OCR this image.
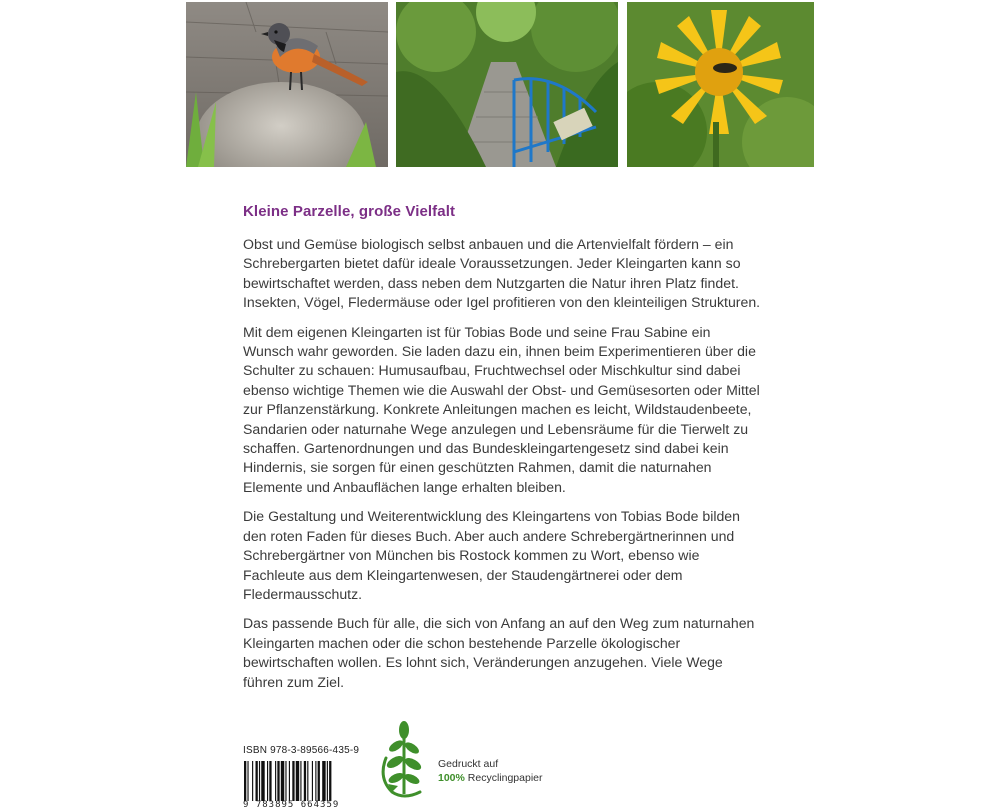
Kleine Parzelle, große Vielfalt

Obst und Gemüse biologisch selbst anbauen und die Artenvielfalt fördern – ein Schrebergarten bietet dafür ideale Voraussetzungen. Jeder Kleingarten kann so bewirtschaftet werden, dass neben dem Nutzgarten die Natur ihren Platz findet. Insekten, Vögel, Fledermäuse oder Igel profitieren von den kleinteiligen Strukturen.

Mit dem eigenen Kleingarten ist für Tobias Bode und seine Frau Sabine ein Wunsch wahr geworden. Sie laden dazu ein, ihnen beim Experimentieren über die Schulter zu schauen: Humusaufbau, Fruchtwechsel oder Mischkultur sind dabei ebenso wichtige Themen wie die Auswahl der Obst- und Gemüsesorten oder Mittel zur Pflanzenstärkung. Konkrete Anleitungen machen es leicht, Wildstaudenbeete, Sandarien oder naturnahe Wege anzulegen und Lebensräume für die Tierwelt zu schaffen. Gartenordnungen und das Bundeskleingartengesetz sind dabei kein Hindernis, sie sorgen für einen geschützten Rahmen, damit die naturnahen Elemente und Anbauflächen lange erhalten bleiben.

Die Gestaltung und Weiterentwicklung des Kleingartens von Tobias Bode bilden den roten Faden für dieses Buch. Aber auch andere Schrebergärtnerinnen und Schrebergärtner von München bis Rostock kommen zu Wort, ebenso wie Fachleute aus dem Kleingartenwesen, der Staudengärtnerei oder dem Fledermausschutz.

Das passende Buch für alle, die sich von Anfang an auf den Weg zum naturnahen Kleingarten machen oder die schon bestehende Parzelle ökologischer bewirtschaften wollen. Es lohnt sich, Veränderungen anzugehen. Viele Wege führen zum Ziel.

ISBN 978-3-89566-435-9
9 783895 664359
Gedruckt auf
100% Recyclingpapier
